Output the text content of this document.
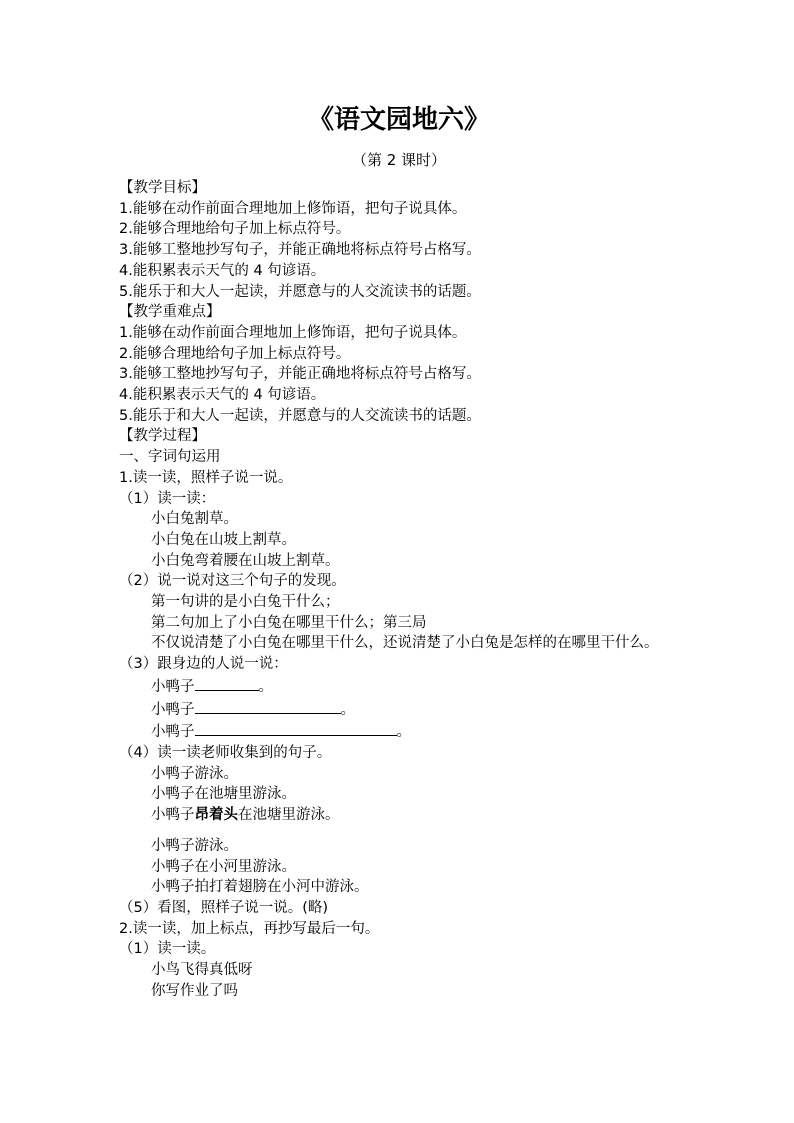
《语文园地六》
（第 2 课时）
【教学目标】
1.能够在动作前面合理地加上修饰语，把句子说具体。
2.能够合理地给句子加上标点符号。
3.能够工整地抄写句子，并能正确地将标点符号占格写。
4.能积累表示天气的 4 句谚语。
5.能乐于和大人一起读，并愿意与的人交流读书的话题。
【教学重难点】
1.能够在动作前面合理地加上修饰语，把句子说具体。
2.能够合理地给句子加上标点符号。
3.能够工整地抄写句子，并能正确地将标点符号占格写。
4.能积累表示天气的 4 句谚语。
5.能乐于和大人一起读，并愿意与的人交流读书的话题。
【教学过程】
一、字词句运用
1.读一读，照样子说一说。
（1）读一读：
小白兔割草。
小白兔在山坡上割草。
小白兔弯着腰在山坡上割草。
（2）说一说对这三个句子的发现。
第一句讲的是小白兔干什么；
第二句加上了小白兔在哪里干什么；第三局
不仅说清楚了小白兔在哪里干什么，还说清楚了小白兔是怎样的在哪里干什么。
（3）跟身边的人说一说：
小鸭子	。
小鸭子	。
小鸭子	。
（4）读一读老师收集到的句子。
小鸭子游泳。
小鸭子在池塘里游泳。
小鸭子昂着头在池塘里游泳。
小鸭子游泳。
小鸭子在小河里游泳。
小鸭子拍打着翅膀在小河中游泳。
（5）看图，照样子说一说。(略)
2.读一读，加上标点，再抄写最后一句。
（1）读一读。
小鸟飞得真低呀
你写作业了吗
